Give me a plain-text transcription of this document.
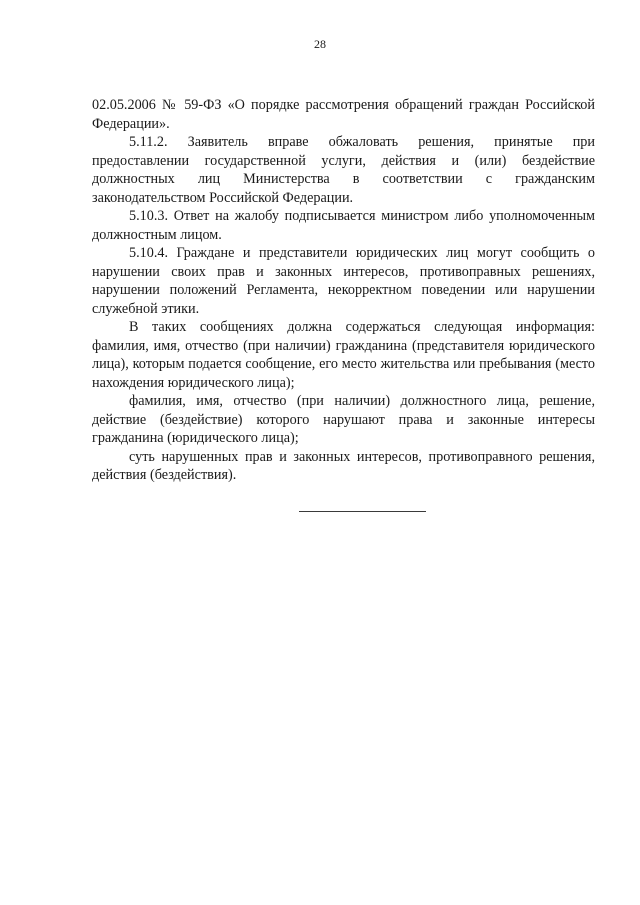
28

02.05.2006 № 59-ФЗ «О порядке рассмотрения обращений граждан Российской Федерации».

5.11.2. Заявитель вправе обжаловать решения, принятые при предоставлении государственной услуги, действия и (или) бездействие должностных лиц Министерства в соответствии с гражданским законодательством Российской Федерации.

5.10.3. Ответ на жалобу подписывается министром либо уполномоченным должностным лицом.

5.10.4. Граждане и представители юридических лиц могут сообщить о нарушении своих прав и законных интересов, противоправных решениях, нарушении положений Регламента, некорректном поведении или нарушении служебной этики.

В таких сообщениях должна содержаться следующая информация: фамилия, имя, отчество (при наличии) гражданина (представителя юридического лица), которым подается сообщение, его место жительства или пребывания (место нахождения юридического лица);

фамилия, имя, отчество (при наличии) должностного лица, решение, действие (бездействие) которого нарушают права и законные интересы гражданина (юридического лица);

суть нарушенных прав и законных интересов, противоправного решения, действия (бездействия).
